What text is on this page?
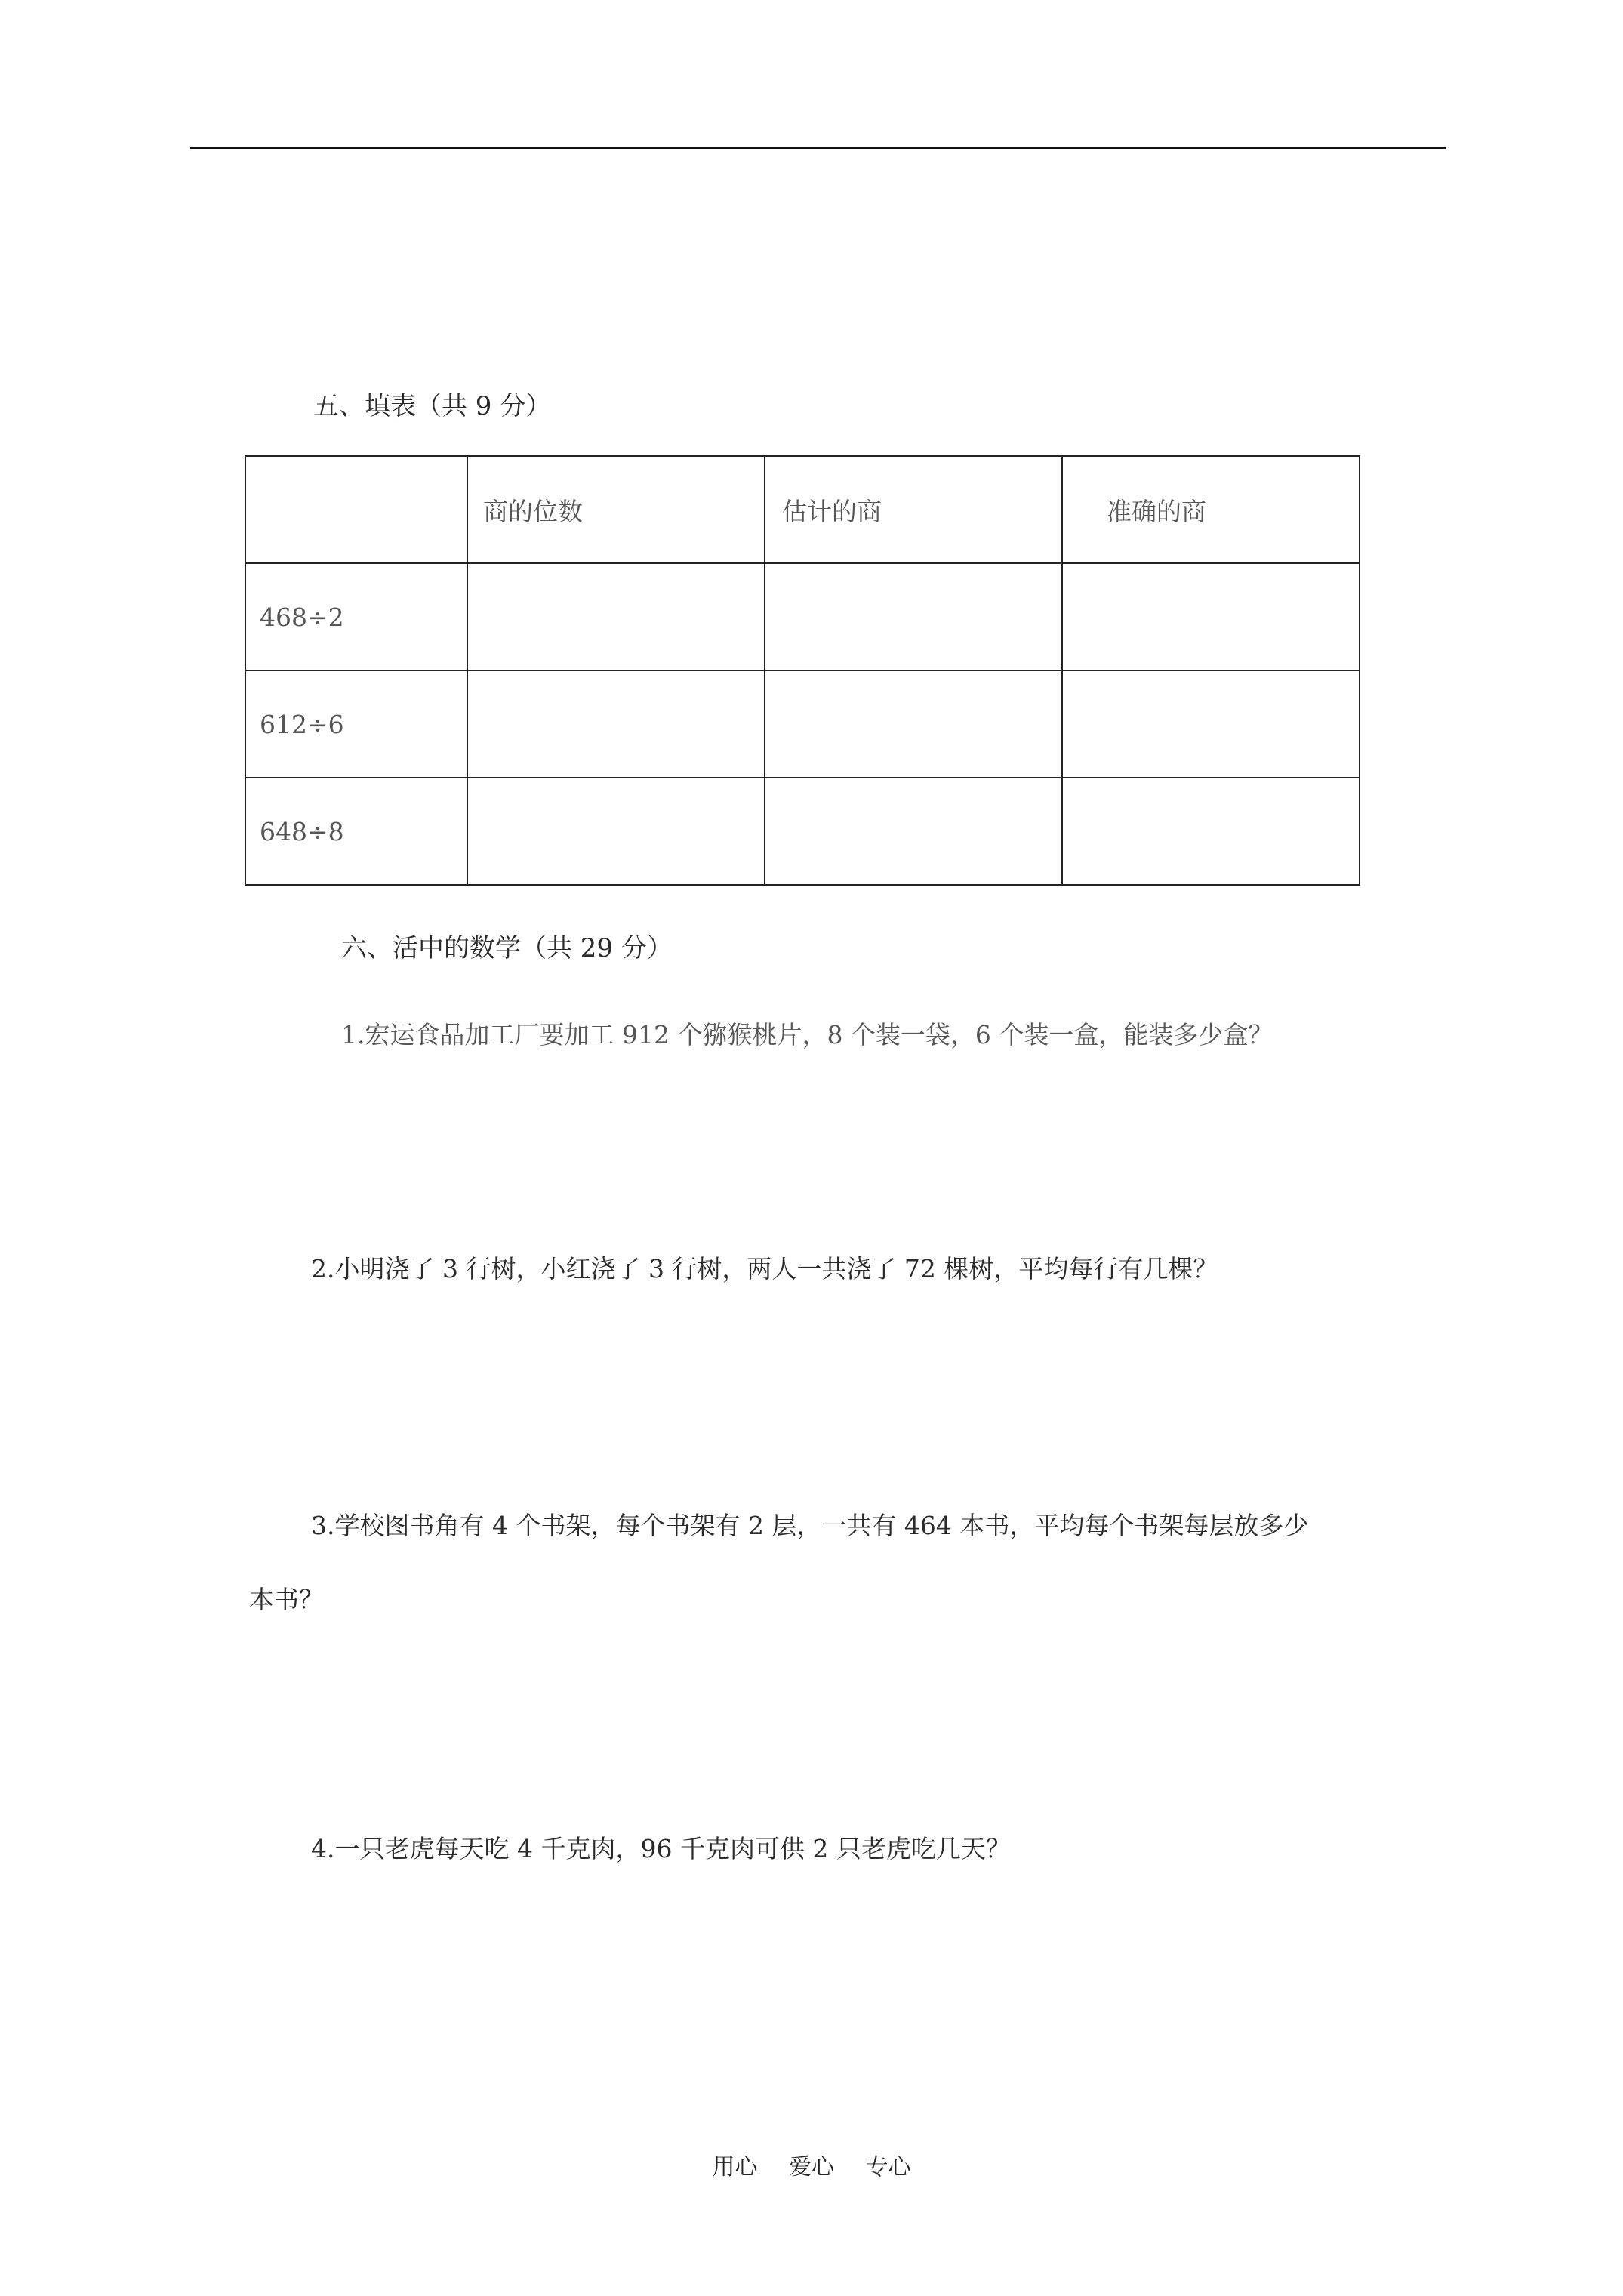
五、填表（共 9 分）
	商的位数	估计的商	准确的商
468÷2			
612÷6			
648÷8			
六、活中的数学（共 29 分）
1.宏运食品加工厂要加工 912 个猕猴桃片，8 个装一袋，6 个装一盒，能装多少盒？
2.小明浇了 3 行树，小红浇了 3 行树，两人一共浇了 72 棵树，平均每行有几棵？
3.学校图书角有 4 个书架，每个书架有 2 层，一共有 464 本书，平均每个书架每层放多少
本书？
4.一只老虎每天吃 4 千克肉，96 千克肉可供 2 只老虎吃几天？
用心 爱心 专心
